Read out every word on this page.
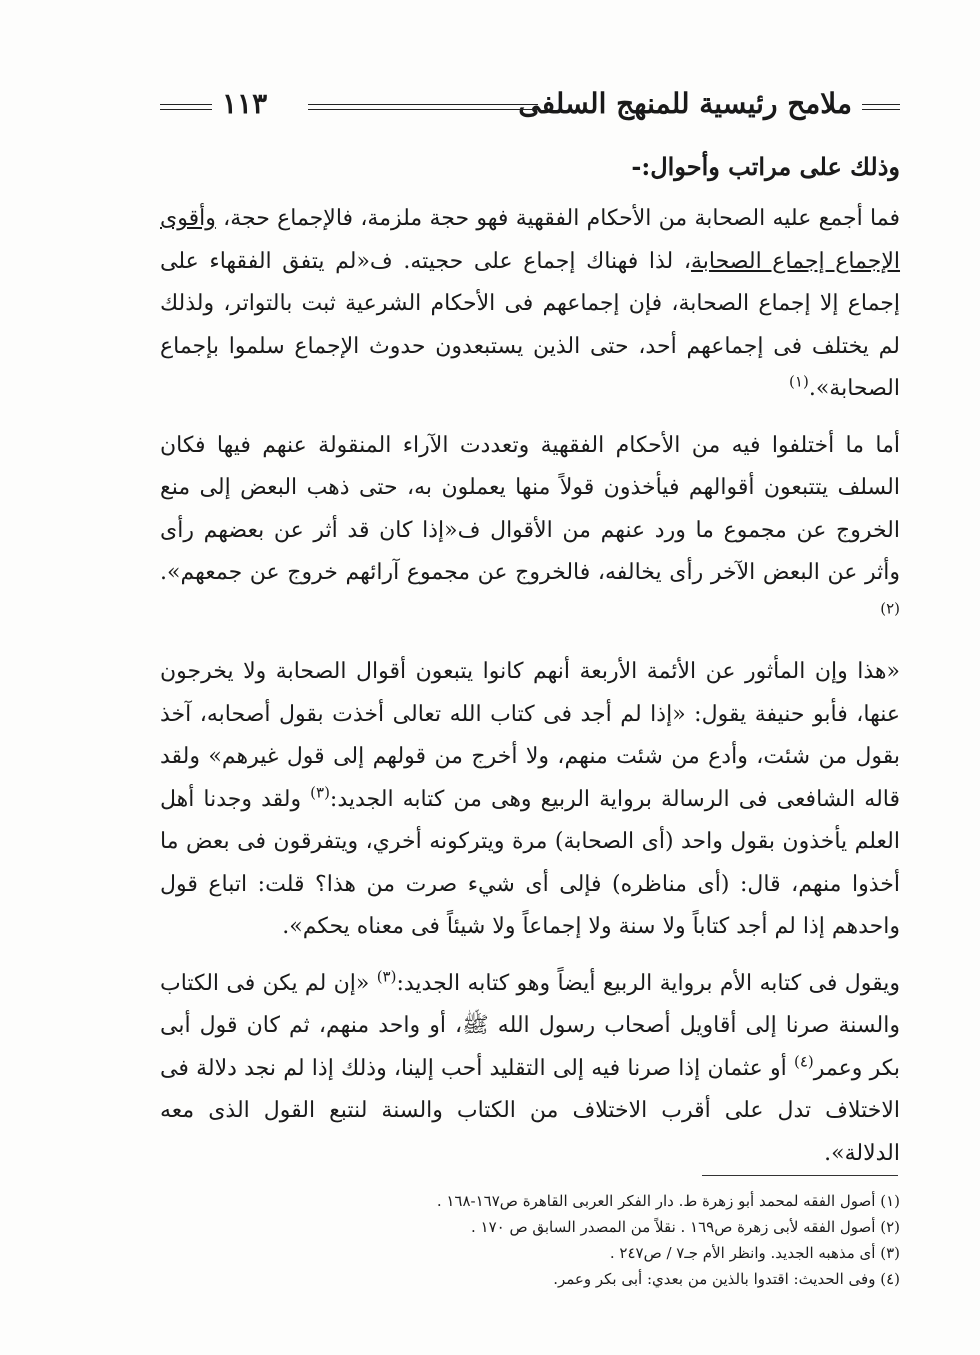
ملامح رئيسية للمنهج السلفى
١١٣
وذلك على مراتب وأحوال:-

فما أجمع عليه الصحابة من الأحكام الفقهية فهو حجة ملزمة، فالإجماع حجة، وأقوى الإجماع إجماع الصحابة، لذا فهناك إجماع على حجيته. ف«لم يتفق الفقهاء على إجماع إلا إجماع الصحابة، فإن إجماعهم فى الأحكام الشرعية ثبت بالتواتر، ولذلك لم يختلف فى إجماعهم أحد، حتى الذين يستبعدون حدوث الإجماع سلموا بإجماع الصحابة».$^{(١)}$

أما ما أختلفوا فيه من الأحكام الفقهية وتعددت الآراء المنقولة عنهم فيها فكان السلف يتتبعون أقوالهم فيأخذون قولاً منها يعملون به، حتى ذهب البعض إلى منع الخروج عن مجموع ما ورد عنهم من الأقوال ف«إذا كان قد أثر عن بعضهم رأى وأثر عن البعض الآخر رأى يخالفه، فالخروج عن مجموع آرائهم خروج عن جمعهم».$^{(٢)}$

«هذا وإن المأثور عن الأئمة الأربعة أنهم كانوا يتبعون أقوال الصحابة ولا يخرجون عنها، فأبو حنيفة يقول: «إذا لم أجد فى كتاب الله تعالى أخذت بقول أصحابه، آخذ بقول من شئت، وأدع من شئت منهم، ولا أخرج من قولهم إلى قول غيرهم» ولقد قاله الشافعى فى الرسالة برواية الربيع وهى من كتابه الجديد:$^{(٣)}$ ولقد وجدنا أهل العلم يأخذون بقول واحد (أى الصحابة) مرة ويتركونه أخري، ويتفرقون فى بعض ما أخذوا منهم، قال: (أى مناظره) فإلى أى شيء صرت من هذا؟ قلت: اتباع قول واحدهم إذا لم أجد كتاباً ولا سنة ولا إجماعاً ولا شيئاً فى معناه يحكم».

ويقول فى كتابه الأم برواية الربيع أيضاً وهو كتابه الجديد:$^{(٣)}$ «إن لم يكن فى الكتاب والسنة صرنا إلى أقاويل أصحاب رسول الله ﷺ، أو واحد منهم، ثم كان قول أبى بكر وعمر$^{(٤)}$ أو عثمان إذا صرنا فيه إلى التقليد أحب إلينا، وذلك إذا لم نجد دلالة فى الاختلاف تدل على أقرب الاختلاف من الكتاب والسنة لنتبع القول الذى معه الدلالة».

(١) أصول الفقه لمحمد أبو زهرة ط. دار الفكر العربى القاهرة ص١٦٧-١٦٨ .

(٢) أصول الفقه لأبى زهرة ص١٦٩ . نقلاً من المصدر السابق ص ١٧٠ .

(٣) أى مذهبه الجديد. وانظر الأم جـ٧ / ص٢٤٧ .

(٤) وفى الحديث: اقتدوا بالذين من بعدي: أبى بكر وعمر.
